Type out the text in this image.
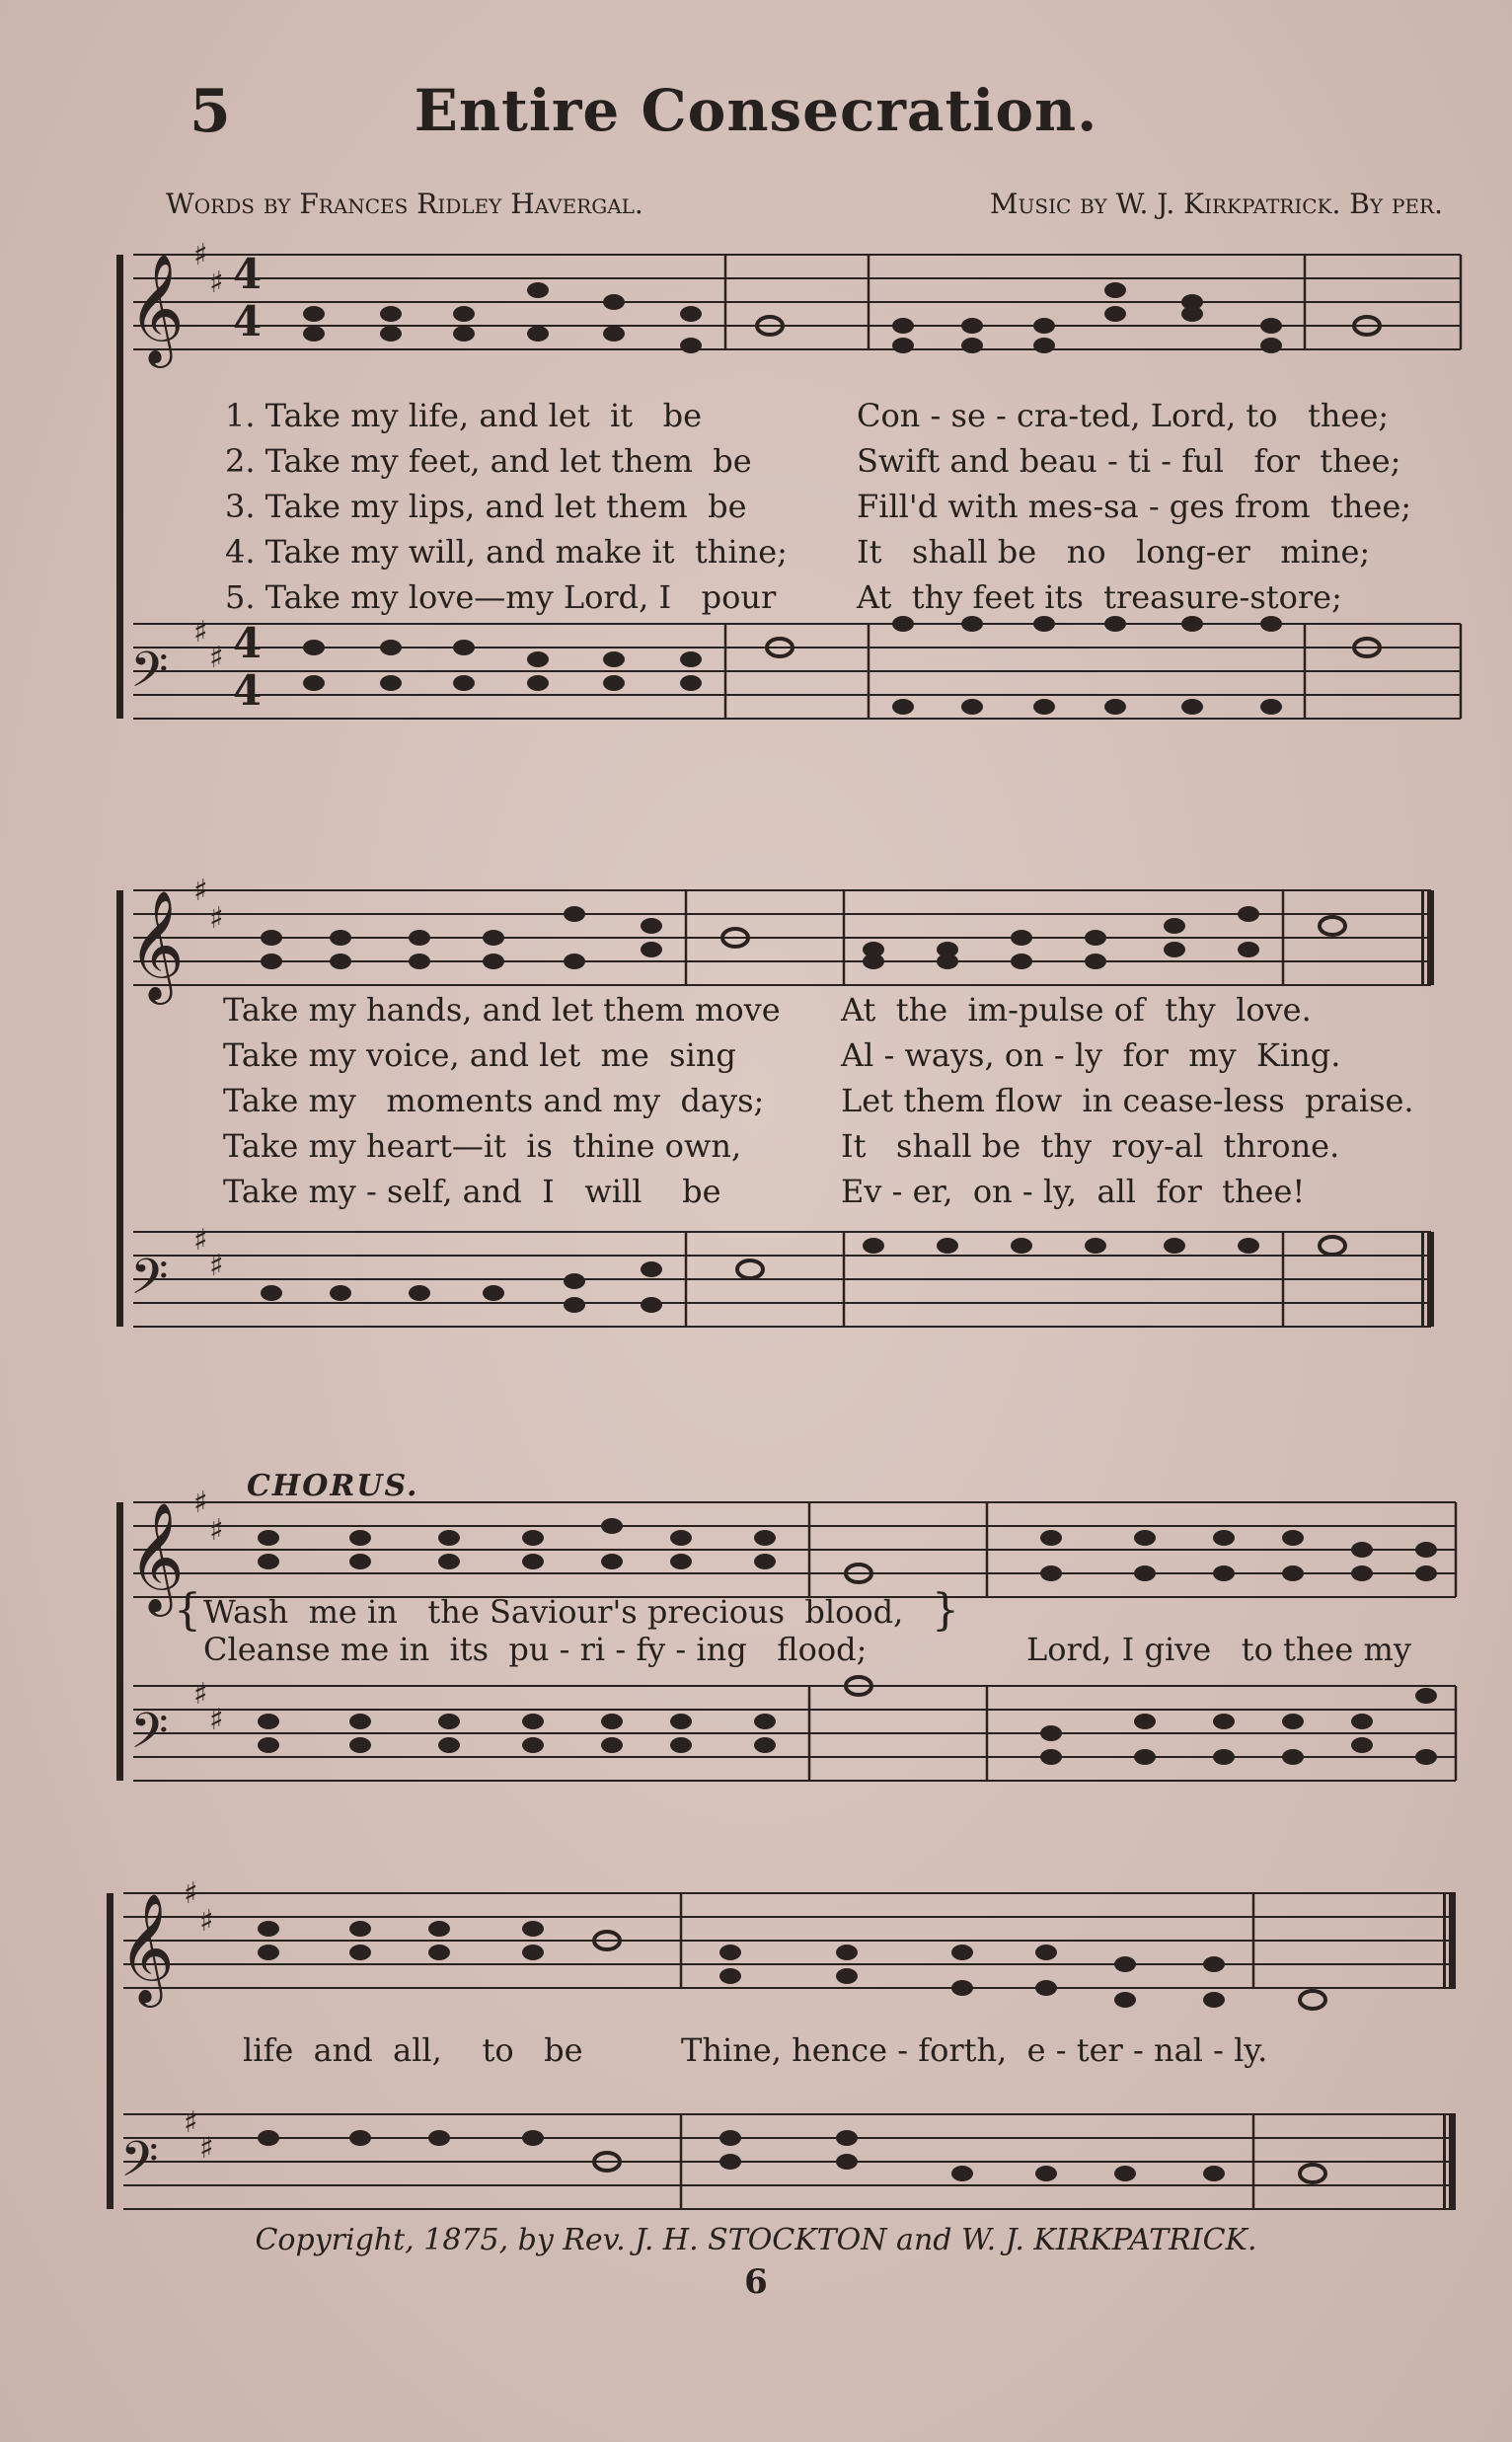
5	Entire Consecration.
Words by Frances Ridley Havergal.	Music by W. J. Kirkpatrick. By per.
𝄞
𝄢
𝄞
𝄢
𝄞
𝄢
𝄞
𝄢
♯
♯
♯
♯
♯
♯
♯
♯
♯
♯
♯
♯
♯
♯
♯
♯
4
4
4
4
1. Take my life, and let  it   be	Con - se - cra-ted, Lord, to   thee;
2. Take my feet, and let them  be	Swift and beau - ti - ful   for  thee;
3. Take my lips, and let them  be	Fill'd with mes-sa - ges from  thee;
4. Take my will, and make it  thine; It   shall be   no   long-er   mine;
5. Take my love—my Lord, I   pour	At  thy feet its  treasure-store;
Take my hands, and let them move At  the  im-pulse of  thy  love.
Take my voice, and let  me  sing	Al - ways, on - ly  for  my  King.
Take my   moments and my  days; Let them flow  in cease-less  praise.
Take my heart—it  is  thine own,	It   shall be  thy  roy-al  throne.
Take my - self, and  I   will    be	Ev - er,  on - ly,  all  for  thee!
CHORUS.
{	}
Wash  me in   the Saviour's precious  blood,
Cleanse me in  its  pu - ri - fy - ing   flood;	Lord, I give   to thee my
life  and  all,    to   be	Thine, hence - forth,  e - ter - nal - ly.
Copyright, 1875, by Rev. J. H. STOCKTON and W. J. KIRKPATRICK.
6
